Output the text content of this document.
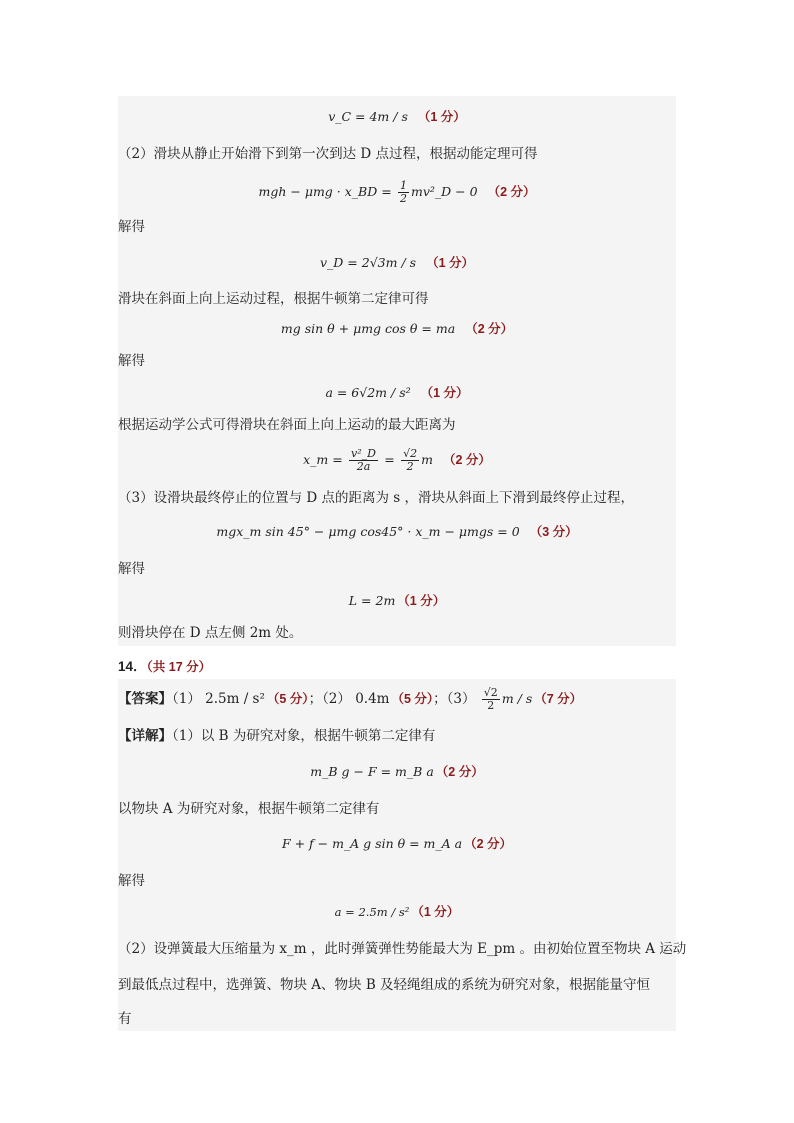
v_C = 4m / s （1 分）
（2）滑块从静止开始滑下到第一次到达 D 点过程，根据动能定理可得
mgh − μmg · x_BD = $\frac{1}{2}$ mv²_D − 0 （2 分）
解得
v_D = 2√3m / s （1 分）
滑块在斜面上向上运动过程，根据牛顿第二定律可得
mg sin θ + μmg cos θ = ma （2 分）
解得
a = 6√2m / s² （1 分）
根据运动学公式可得滑块在斜面上向上运动的最大距离为
x_m = $\frac{\text{v²\_D}}{2a} = \frac{√2}{2}$ m （2 分）
（3）设滑块最终停止的位置与 D 点的距离为 s ，滑块从斜面上下滑到最终停止过程，
mgx_m sin 45° − μmg cos45° · x_m − μmgs = 0 （3 分）
解得
L = 2m （1 分）
则滑块停在 D 点左侧 2m 处。
14．（共 17 分）
【答案】（1） 2.5m / s² （5 分）；（2） 0.4m （5 分）；$(3) \frac{√2}{2}$ m / s （7 分）
【详解】（1）以 B 为研究对象，根据牛顿第二定律有
m_B g − F = m_B a （2 分）
以物块 A 为研究对象，根据牛顿第二定律有
F + f − m_A g sin θ = m_A a （2 分）
解得
a = 2.5m / s² （1 分）
（2）设弹簧最大压缩量为 x_m ，此时弹簧弹性势能最大为 E_pm 。由初始位置至物块 A 运动
到最低点过程中，选弹簧、物块 A、物块 B 及轻绳组成的系统为研究对象，根据能量守恒
有
